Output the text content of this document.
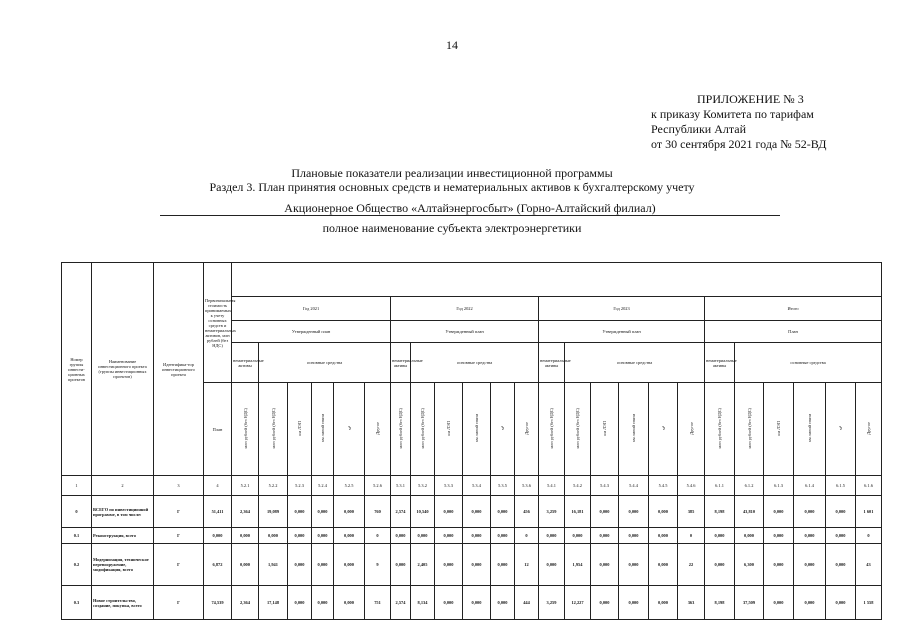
14
ПРИЛОЖЕНИЕ № 3
к приказу Комитета по тарифам
Республики Алтай
от 30 сентября 2021 года № 52-ВД
Плановые показатели реализации инвестиционной программы
Раздел 3. План принятия основных средств и нематериальных активов к бухгалтерскому учету
Акционерное Общество «Алтайэнергосбыт» (Горно-Алтайский филиал)
полное наименование субъекта электроэнергетики
Номер группы инвести-ционных проектов	Наименование инвестиционного проекта (группы инвестиционных проектов)	Идентифика-тор инвестиционного проекта	Первоначальная стоимость принимаемых к учету основных средств и нематериальных активов, млн рублей (без НДС)																								
				Год 2021						Год 2022						Год 2023						Итого					
				Утвержденный план						Утвержденный план						Утвержденный план						План					
				нематериальные активы	основные средства					нематериальные активы	основные средства					нематериальные активы	основные средства					нематериальные активы	основные средства				
			План	млн рублей (без НДС)	млн рублей (без НДС)	км ЛЭП	км линий связи	м²	Другое	млн рублей (без НДС)	млн рублей (без НДС)	км ЛЭП	км линий связи	м²	Другое	млн рублей (без НДС)	млн рублей (без НДС)	км ЛЭП	км линий связи	м²	Другое	млн рублей (без НДС)	млн рублей (без НДС)	км ЛЭП	км линий связи	м²	Другое
1	2	3	4	5.2.1	5.2.2	5.2.3	5.2.4	5.2.5	5.2.6	5.3.1	5.3.2	5.3.3	5.3.4	5.3.5	5.3.6	5.4.1	5.4.2	5.4.3	5.4.4	5.4.5	5.4.6	6.1.1	6.1.2	6.1.3	6.1.4	6.1.5	6.1.6
0	ВСЕГО по инвестиционной программе, в том числе:	Г	51,411	2,364	19,089	0,000	0,000	0,000	760	2,574	10,540	0,000	0,000	0,000	456	3,259	16,181	0,000	0,000	0,000	385	8,198	43,810	0,000	0,000	0,000	1 601
0.1	Реконструкция, всего	Г	0,000	0,000	0,000	0,000	0,000	0,000	0	0,000	0,000	0,000	0,000	0,000	0	0,000	0,000	0,000	0,000	0,000	0	0,000	0,000	0,000	0,000	0,000	0
0.2	Модернизация, техническое перевооружение, модификация, всего	Г	6,872	0,000	1,941	0,000	0,000	0,000	9	0,000	2,405	0,000	0,000	0,000	12	0,000	1,954	0,000	0,000	0,000	22	0,000	6,300	0,000	0,000	0,000	43
0.3	Новое строительство, создание, покупка, всего	Г	74,539	2,364	17,148	0,000	0,000	0,000	751	2,574	8,134	0,000	0,000	0,000	444	3,259	12,227	0,000	0,000	0,000	363	8,198	37,509	0,000	0,000	0,000	1 558
